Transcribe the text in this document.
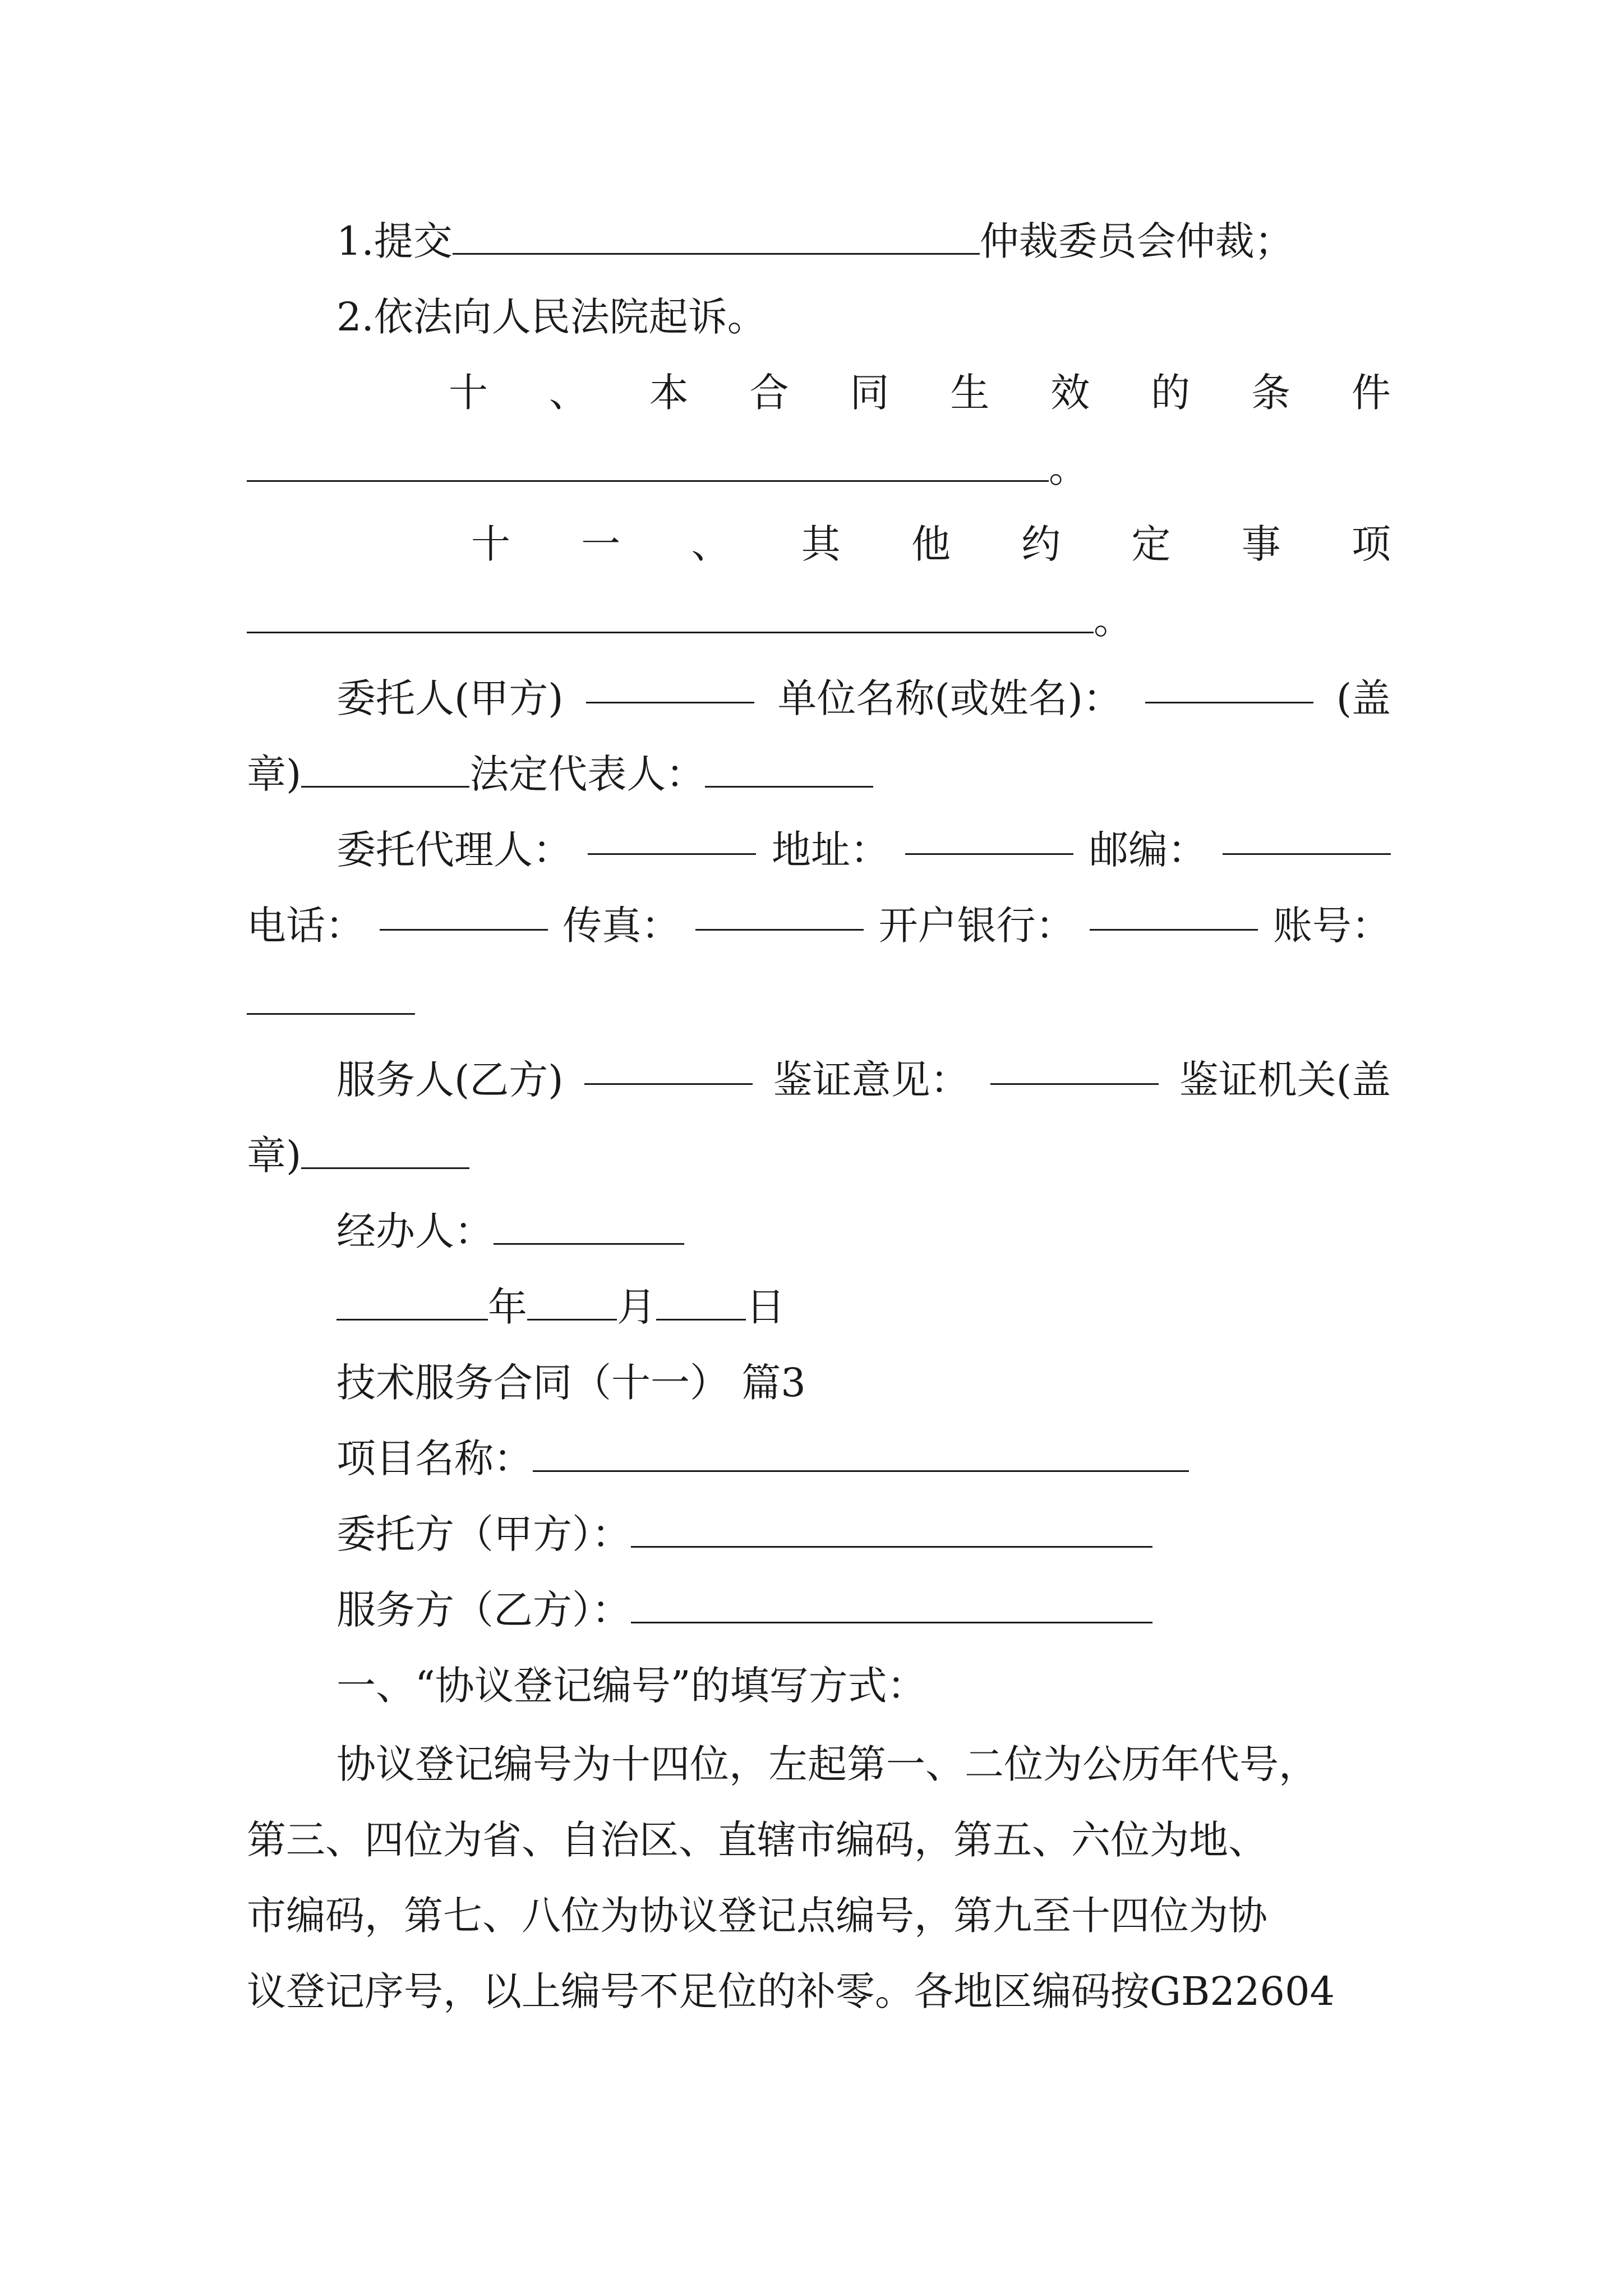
1.提交	仲裁委员会仲裁；
2.依法向人民法院起诉。
十 、 本 合 同 生 效 的 条 件
。
十 一 、 其 他 约 定 事 项
。
委托人(甲方)	单位名称(或姓名)：	(盖
章)	法定代表人：
委托代理人：	地址：	邮编：
电话：	传真：	开户银行：	账号：
服务人(乙方)	鉴证意见：	鉴证机关(盖
章)
经办人：
年 月 日
技术服务合同（十一） 篇3
项目名称：
委托方（甲方）：
服务方（乙方）：
一、“协议登记编号”的填写方式：
协议登记编号为十四位，左起第一、二位为公历年代号，
第三、四位为省、自治区、直辖市编码，第五、六位为地、
市编码，第七、八位为协议登记点编号，第九至十四位为协
议登记序号，以上编号不足位的补零。各地区编码按GB22604
